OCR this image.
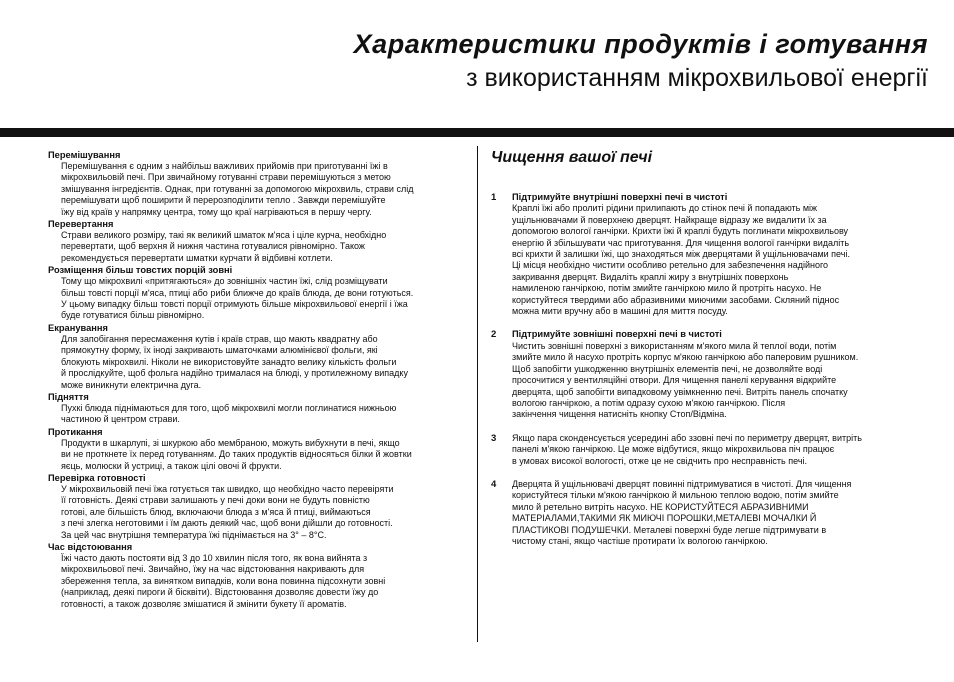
Характеристики продуктів і готування
з використанням мікрохвильової енергії
Перемішування
Перемішування є одним з найбільш важливих прийомів при приготуванні їжі в
мікрохвильовій печі. При звичайному готуванні страви перемішуються з метою
змішування інгредієнтів. Однак, при готуванні за допомогою мікрохвиль, страви слід
перемішувати щоб поширити й перерозподілити тепло . Завжди перемішуйте
їжу від країв у напрямку центра, тому що краї нагріваються в першу чергу.
Перевертання
Страви великого розміру, такі як великий шматок м'яса і ціле курча, необхідно
перевертати, щоб верхня й нижня частина готувалися рівномірно. Також
рекомендується перевертати шматки курчати й відбивні котлети.
Розміщення більш товстих порцій зовні
Тому що мікрохвилі «притягаються» до зовнішніх частин їжі, слід розміщувати
більш товсті порції м'яса, птиці або риби ближче до країв блюда, де вони готуються.
У цьому випадку більш товсті порції отримують більше мікрохвильової енергії і їжа
буде готуватися більш рівномірно.
Екранування
Для запобігання пересмаження кутів і країв страв, що мають квадратну або
прямокутну форму, їх іноді закривають шматочками алюмінієвої фольги, які
блокують мікрохвилі. Ніколи не використовуйте занадто велику кількість фольги
й прослідкуйте, щоб фольга надійно трималася на блюді, у протилежному випадку
може виникнути електрична дуга.
Підняття
Пухкі блюда піднімаються для того, щоб мікрохвилі могли поглинатися нижньою
частиною й центром страви.
Протикання
Продукти в шкарлупі, зі шкуркою або мембраною, можуть вибухнути в печі, якщо
ви не проткнете їх перед готуванням. До таких продуктів відносяться білки й жовтки
яєць, молюски й устриці, а також цілі овочі й фрукти.
Перевірка готовності
У мікрохвильовій печі їжа готується так швидко, що необхідно часто перевіряти
її готовність. Деякі страви залишають у печі доки вони не будуть повністю
готові, але більшість блюд, включаючи блюда з м'яса й птиці, виймаються
з печі злегка неготовими і їм дають деякий час, щоб вони дійшли до готовності.
За цей час внутрішня температура їжі піднімається на 3° – 8°С.
Час відстоювання
Їжі часто дають постояти від 3 до 10 хвилин після того, як вона вийнята з
мікрохвильової печі. Звичайно, їжу на час відстоювання накривають для
збереження тепла, за винятком випадків, коли вона повинна підсохнути зовні
(наприклад, деякі пироги й бісквіти). Відстоювання дозволяє довести їжу до
готовності, а також дозволяє змішатися й змінити букету її ароматів.
Чищення вашої печі
1 Підтримуйте внутрішні поверхні печі в чистоті
Краплі їжі або пролиті рідини прилипають до стінок печі й попадають між
ущільнювачами й поверхнею дверцят. Найкраще відразу же видалити їх за
допомогою вологої ганчірки. Крихти їжі й краплі будуть поглинати мікрохвильову
енергію й збільшувати час приготування. Для чищення вологої ганчірки видаліть
всі крихти й залишки їжі, що знаходяться між дверцятами й ущільнювачами печі.
Ці місця необхідно чистити особливо ретельно для забезпечення надійного
закривання дверцят. Видаліть краплі жиру з внутрішніх поверхонь
намиленою ганчіркою, потім змийте ганчіркою мило й протріть насухо. Не
користуйтеся твердими або абразивними миючими засобами. Скляний піднос
можна мити вручну або в машині для миття посуду.
2 Підтримуйте зовнішні поверхні печі в чистоті
Чистить зовнішні поверхні з використанням м'якого мила й теплої води, потім
змийте мило й насухо протріть корпус м'якою ганчіркою або паперовим рушником.
Щоб запобігти ушкодженню внутрішніх елементів печі, не дозволяйте воді
просочитися у вентиляційні отвори. Для чищення панелі керування відкрийте
дверцята, щоб запобігти випадковому увімкненню печі. Витріть панель спочатку
вологою ганчіркою, а потім одразу сухою м'якою ганчіркою. Після
закінчення чищення натисніть кнопку Стоп/Відміна.
3 Якщо пара сконденсується усередині або ззовні печі по периметру дверцят, витріть
панелі м'якою ганчіркою. Це може відбутися, якщо мікрохвильова піч працює
в умовах високої вологості, отже це не свідчить про несправність печі.
4 Дверцята й ущільнювачі дверцят повинні підтримуватися в чистоті. Для чищення
користуйтеся тільки м'якою ганчіркою й мильною теплою водою, потім змийте
мило й ретельно витріть насухо. НЕ КОРИСТУЙТЕСЯ АБРАЗИВНИМИ
МАТЕРІАЛАМИ,ТАКИМИ ЯК МИЮЧІ ПОРОШКИ,МЕТАЛЕВІ МОЧАЛКИ Й
ПЛАСТИКОВІ ПОДУШЕЧКИ. Металеві поверхні буде легше підтримувати в
чистому стані, якщо частіше протирати їх вологою ганчіркою.
